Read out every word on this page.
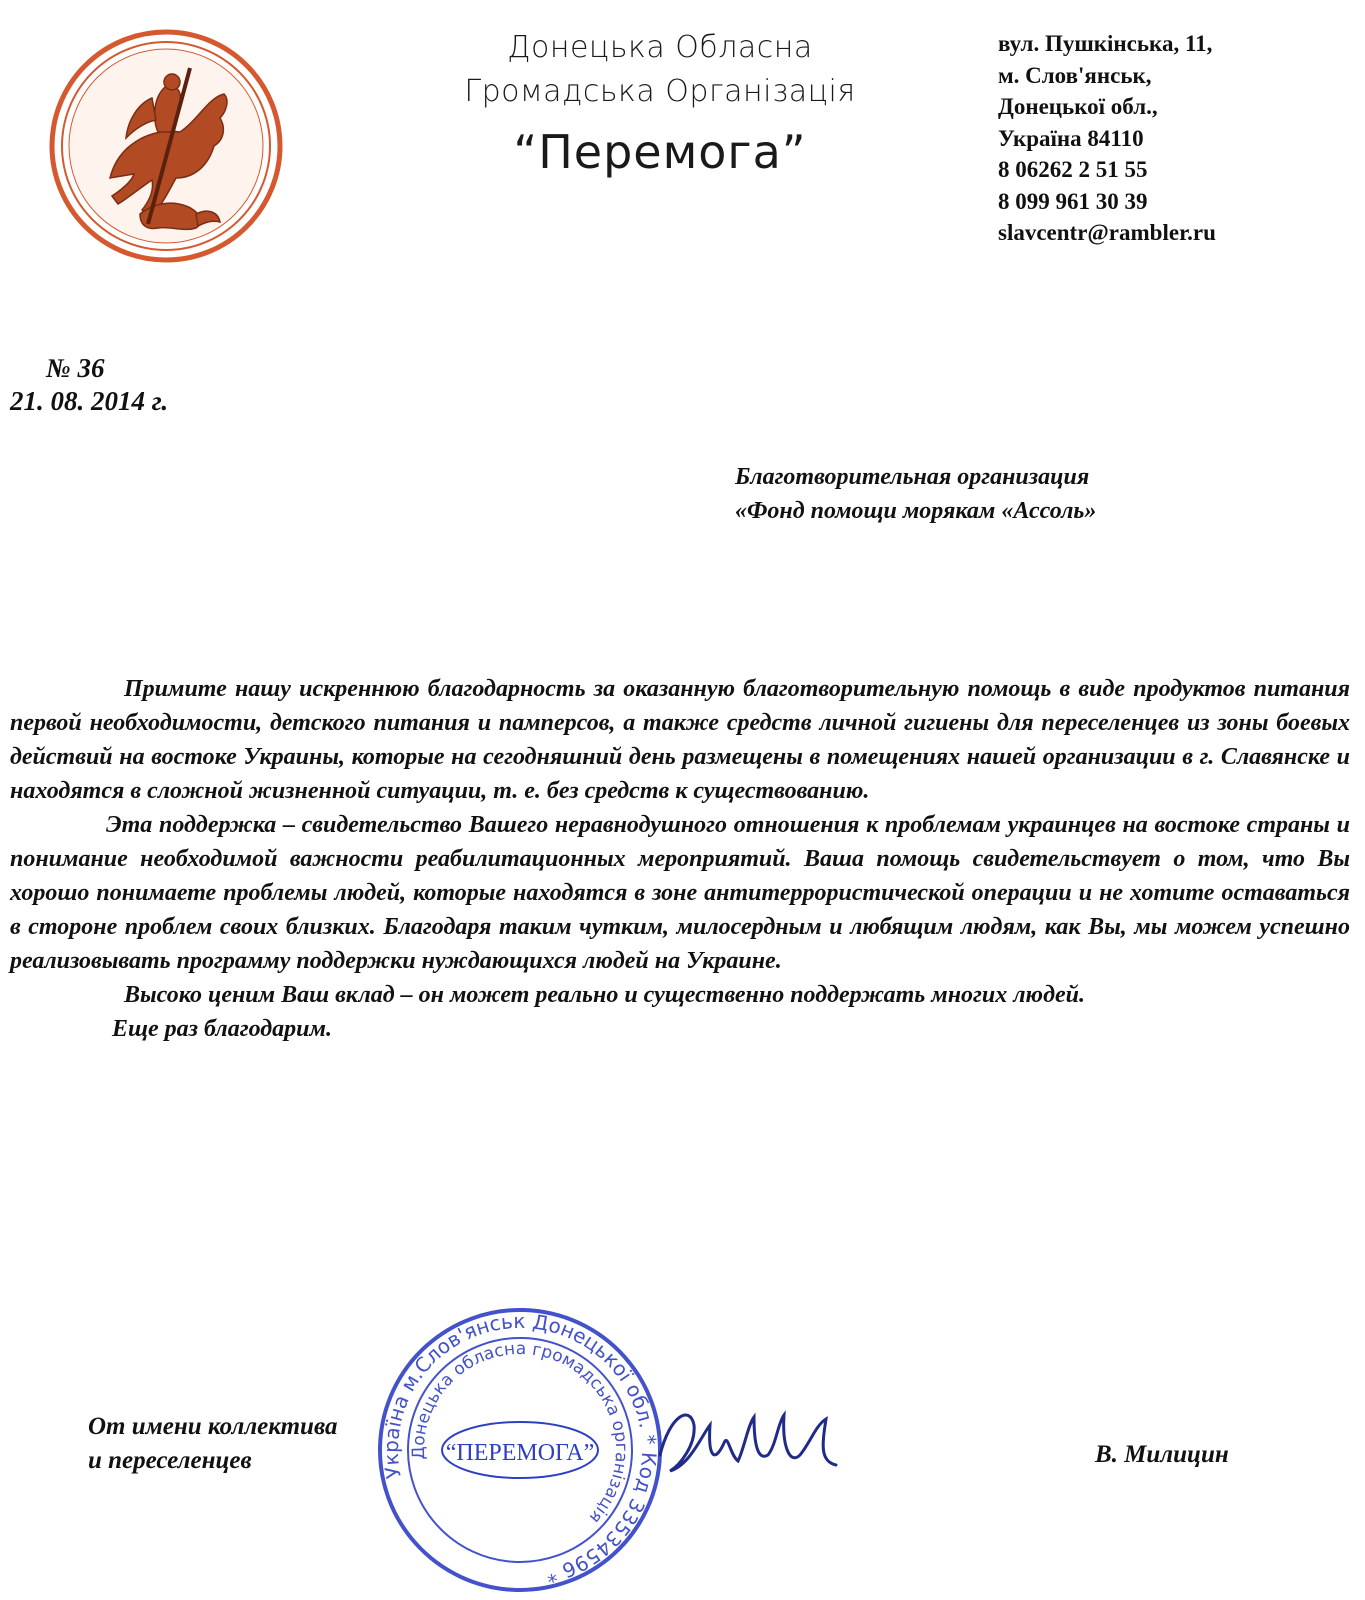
Донецька Обласна
Громадська Організація
“Перемога”
вул. Пушкінська, 11,
м. Слов'янськ,
Донецької обл.,
Україна 84110
8 06262 2 51 55
8 099 961 30 39
slavcentr@rambler.ru
№ 36
21. 08. 2014 г.
Благотворительная организация
«Фонд помощи морякам «Ассоль»

Примите нашу искреннюю благодарность за оказанную благотворительную помощь в виде продуктов питания первой необходимости, детского питания и памперсов, а также средств личной гигиены для переселенцев из зоны боевых действий на востоке Украины, которые на сегодняшний день размещены в помещениях нашей организации в г. Славянске и находятся в сложной жизненной ситуации, т. е. без средств к существованию.

Эта поддержка – свидетельство Вашего неравнодушного отношения к проблемам украинцев на востоке страны и понимание необходимой важности реабилитационных мероприятий. Ваша помощь свидетельствует о том, что Вы хорошо понимаете проблемы людей, которые находятся в зоне антитеррористической операции и не хотите оставаться в стороне проблем своих близких. Благодаря таким чутким, милосердным и любящим людям, как Вы, мы можем успешно реализовывать программу поддержки нуждающихся людей на Украине.

Высоко ценим Ваш вклад – он может реально и существенно поддержать многих людей.

Еще раз благодарим.

Україна м.Слов'янськ Донецької обл. * Код 33534596 *
Донецька обласна громадська організація
“ПЕРЕМОГА”
От имени коллектива
и переселенцев	В. Милицин
